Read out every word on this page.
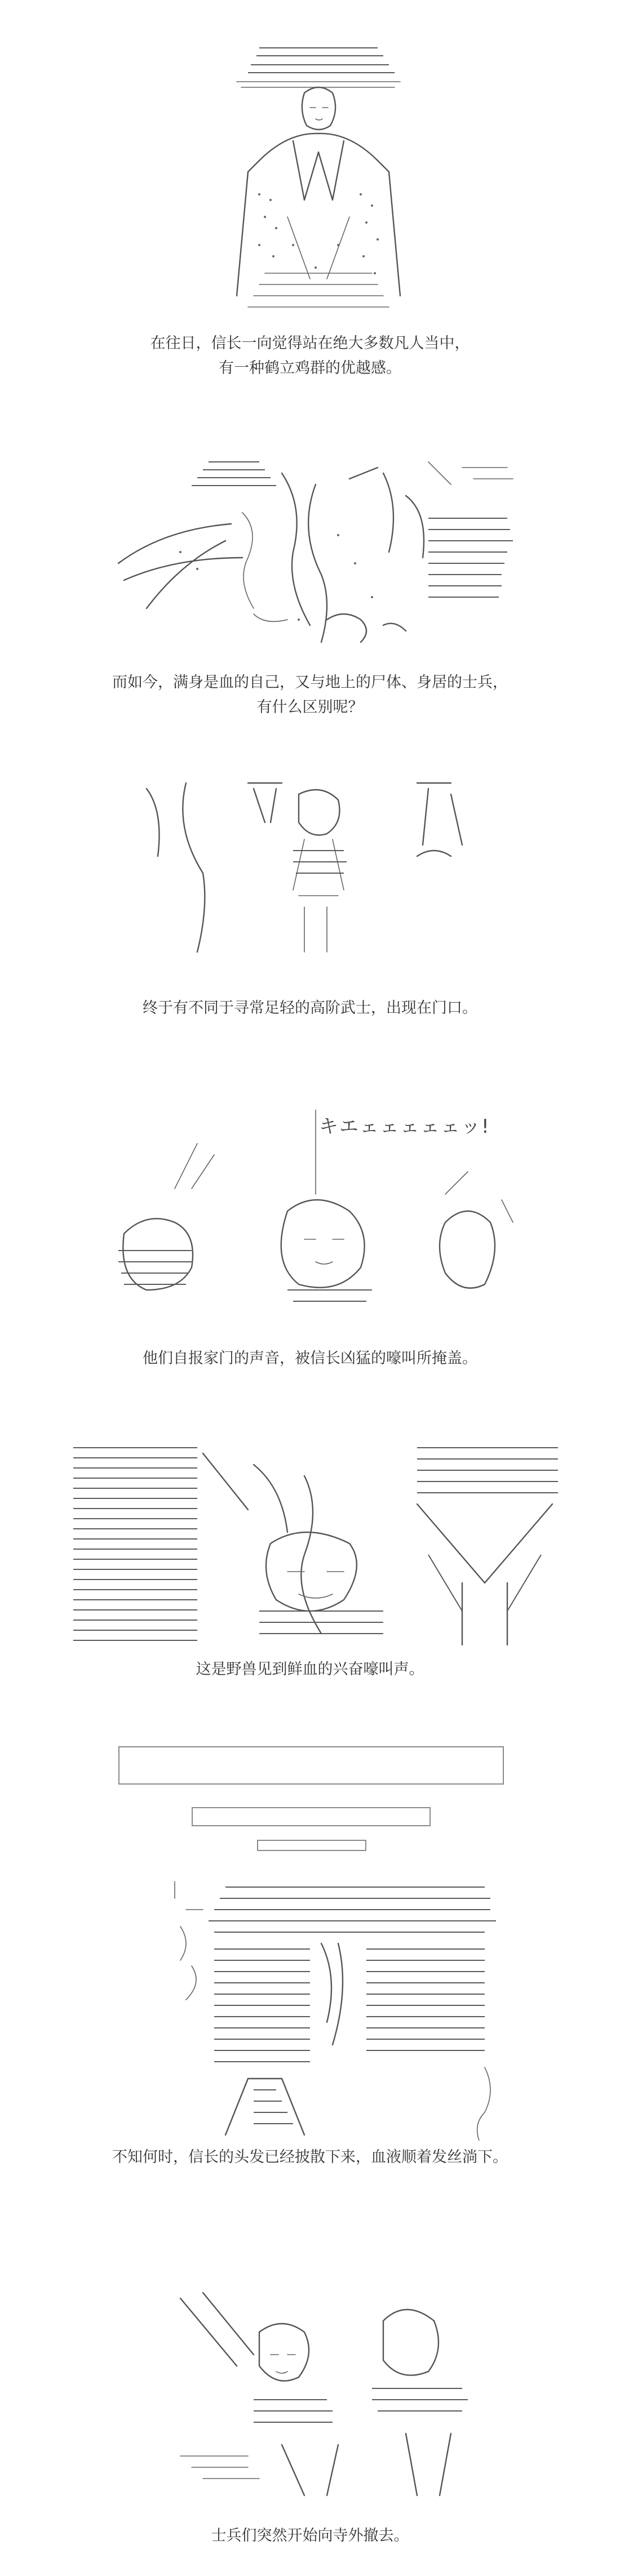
在往日，信长一向觉得站在绝大多数凡人当中，
有一种鹤立鸡群的优越感。

而如今，满身是血的自己，又与地上的尸体、身居的士兵，
有什么区别呢？

终于有不同于寻常足轻的高阶武士，出现在门口。

キエェェェェェッ!

他们自报家门的声音，被信长凶猛的嚎叫所掩盖。

这是野兽见到鲜血的兴奋嚎叫声。

不知何时，信长的头发已经披散下来，血液顺着发丝淌下。

士兵们突然开始向寺外撤去。
